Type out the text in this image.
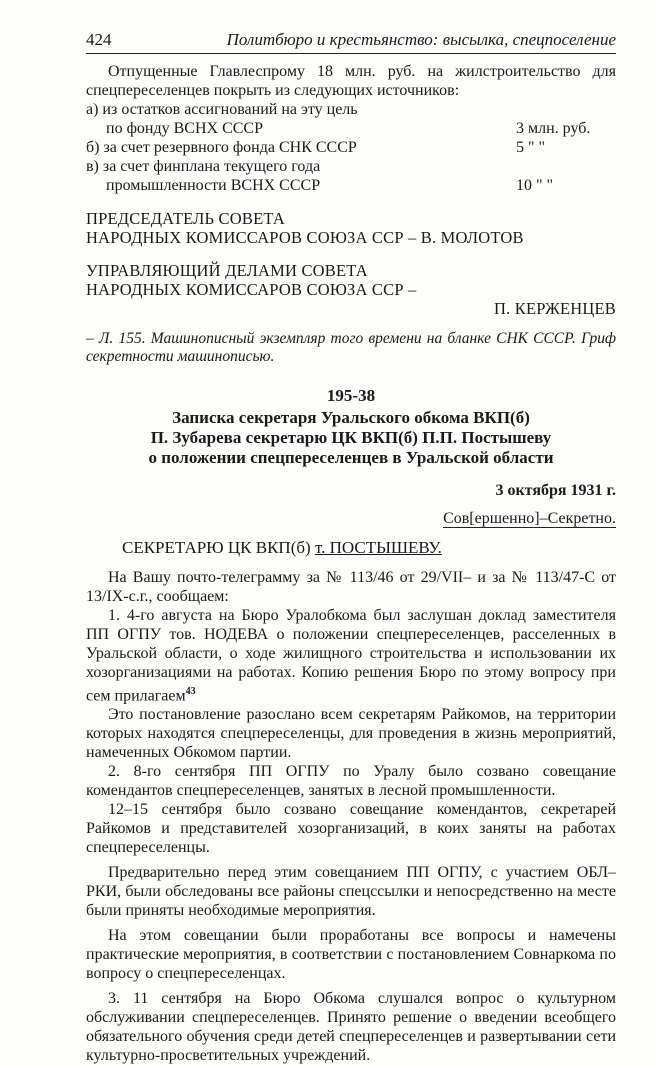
424	Политбюро и крестьянство: высылка, спецпоселение

Отпущенные Главлеспрому 18 млн. руб. на жилстроительство для спецпереселенцев покрыть из следующих источников:

а) из остатков ассигнований на эту цель
по фонду ВСНХ СССР	3 млн. руб.
б) за счет резервного фонда СНК СССР	5 " "
в) за счет финплана текущего года
промышленности ВСНХ СССР	10 " "
ПРЕДСЕДАТЕЛЬ СОВЕТА
НАРОДНЫХ КОМИССАРОВ СОЮЗА ССР – В. МОЛОТОВ
УПРАВЛЯЮЩИЙ ДЕЛАМИ СОВЕТА
НАРОДНЫХ КОМИССАРОВ СОЮЗА ССР –
П. КЕРЖЕНЦЕВ

– Л. 155. Машинописный экземпляр того времени на бланке СНК СССР. Гриф секретности машинописью.

195-38
Записка секретаря Уральского обкома ВКП(б)
П. Зубарева секретарю ЦК ВКП(б) П.П. Постышеву
о положении спецпереселенцев в Уральской области
3 октября 1931 г.
Сов[ершенно]–Секретно.
СЕКРЕТАРЮ ЦК ВКП(б) т. ПОСТЫШЕВУ.

На Вашу почто-телеграмму за № 113/46 от 29/VII– и за № 113/47-С от 13/IX-с.г., сообщаем:

1. 4-го августа на Бюро Уралобкома был заслушан доклад заместителя ПП ОГПУ тов. НОДЕВА о положении спецпереселенцев, расселенных в Уральской области, о ходе жилищного строительства и использовании их хозорганизациями на работах. Копию решения Бюро по этому вопросу при сем прилагаем$^{43}$

Это постановление разослано всем секретарям Райкомов, на территории которых находятся спецпереселенцы, для проведения в жизнь мероприятий, намеченных Обкомом партии.

2. 8-го сентября ПП ОГПУ по Уралу было созвано совещание комендантов спецпереселенцев, занятых в лесной промышленности.

12–15 сентября было созвано совещание комендантов, секретарей Райкомов и представителей хозорганизаций, в коих заняты на работах спецпереселенцы.

Предварительно перед этим совещанием ПП ОГПУ, с участием ОБЛ–РКИ, были обследованы все районы спецссылки и непосредственно на месте были приняты необходимые мероприятия.

На этом совещании были проработаны все вопросы и намечены практические мероприятия, в соответствии с постановлением Совнаркома по вопросу о спецпереселенцах.

3. 11 сентября на Бюро Обкома слушался вопрос о культурном обслуживании спецпереселенцев. Принято решение о введении всеобщего обязательного обучения среди детей спецпереселенцев и развертывании сети культурно-просветительных учреждений.
